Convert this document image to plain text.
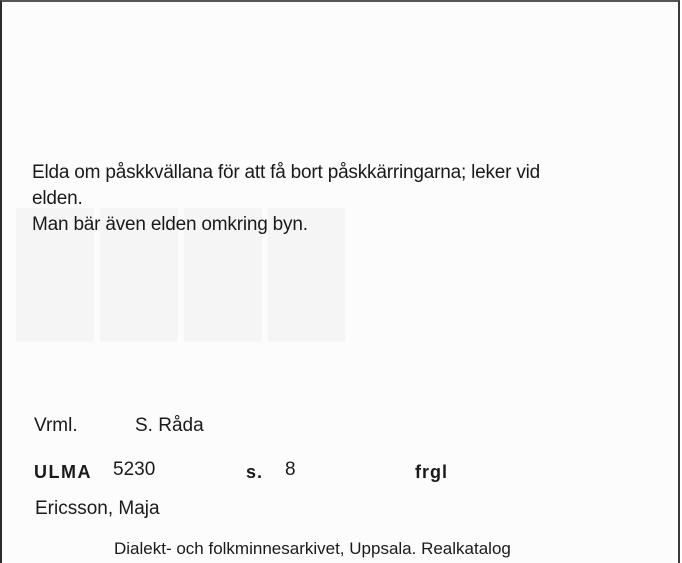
Elda om påskkvällana för att få bort påskkärringarna; leker vid

elden.

Man bär även elden omkring byn.

Vrml.	S. Råda
ULMA 5230	s. 8	frgl
Ericsson, Maja
Dialekt- och folkminnesarkivet, Uppsala. Realkatalog
